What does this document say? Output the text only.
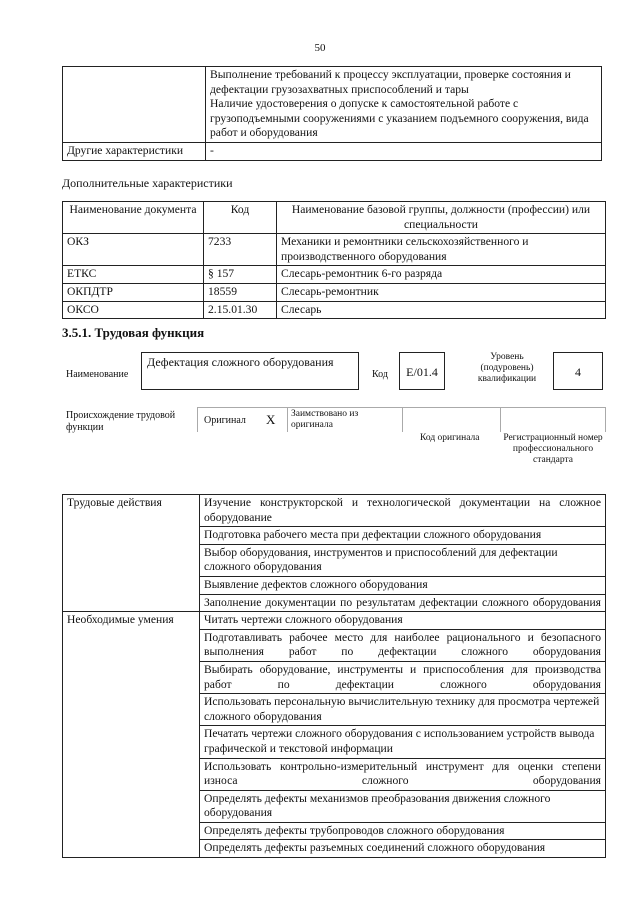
50

	Выполнение требований к процессу эксплуатации, проверке состояния и дефектации грузозахватных приспособлений и тары
Наличие удостоверения о допуске к самостоятельной работе с грузоподъемными сооружениями с указанием подъемного сооружения, вида работ и оборудования

Другие характеристики	-
Дополнительные характеристики
Наименование документа	Код	Наименование базовой группы, должности (профессии) или специальности
ОКЗ	7233	Механики и ремонтники сельскохозяйственного и производственного оборудования
ЕТКС	§ 157	Слесарь-ремонтник 6-го разряда
ОКПДТР	18559	Слесарь-ремонтник
ОКСО	2.15.01.30	Слесарь
3.5.1. Трудовая функция
Наименование
Дефектация сложного оборудования
Код	E/01.4
Уровень (подуровень) квалификации	4
Происхождение трудовой функции
Оригинал X Заимствовано из оригинала
Код оригинала	Регистрационный номер профессионального стандарта
Трудовые действия	Изучение конструкторской и технологической документации на сложное оборудование
	Подготовка рабочего места при дефектации сложного оборудования
	Выбор оборудования, инструментов и приспособлений для дефектации сложного оборудования
	Выявление дефектов сложного оборудования
	Заполнение документации по результатам дефектации сложного оборудования
Необходимые умения	Читать чертежи сложного оборудования
	Подготавливать рабочее место для наиболее рационального и безопасного выполнения работ по дефектации сложного оборудования
	Выбирать оборудование, инструменты и приспособления для производства работ по дефектации сложного оборудования
	Использовать персональную вычислительную технику для просмотра чертежей сложного оборудования
	Печатать чертежи сложного оборудования с использованием устройств вывода графической и текстовой информации
	Использовать контрольно-измерительный инструмент для оценки степени износа сложного оборудования
	Определять дефекты механизмов преобразования движения сложного оборудования
	Определять дефекты трубопроводов сложного оборудования
	Определять дефекты разъемных соединений сложного оборудования
